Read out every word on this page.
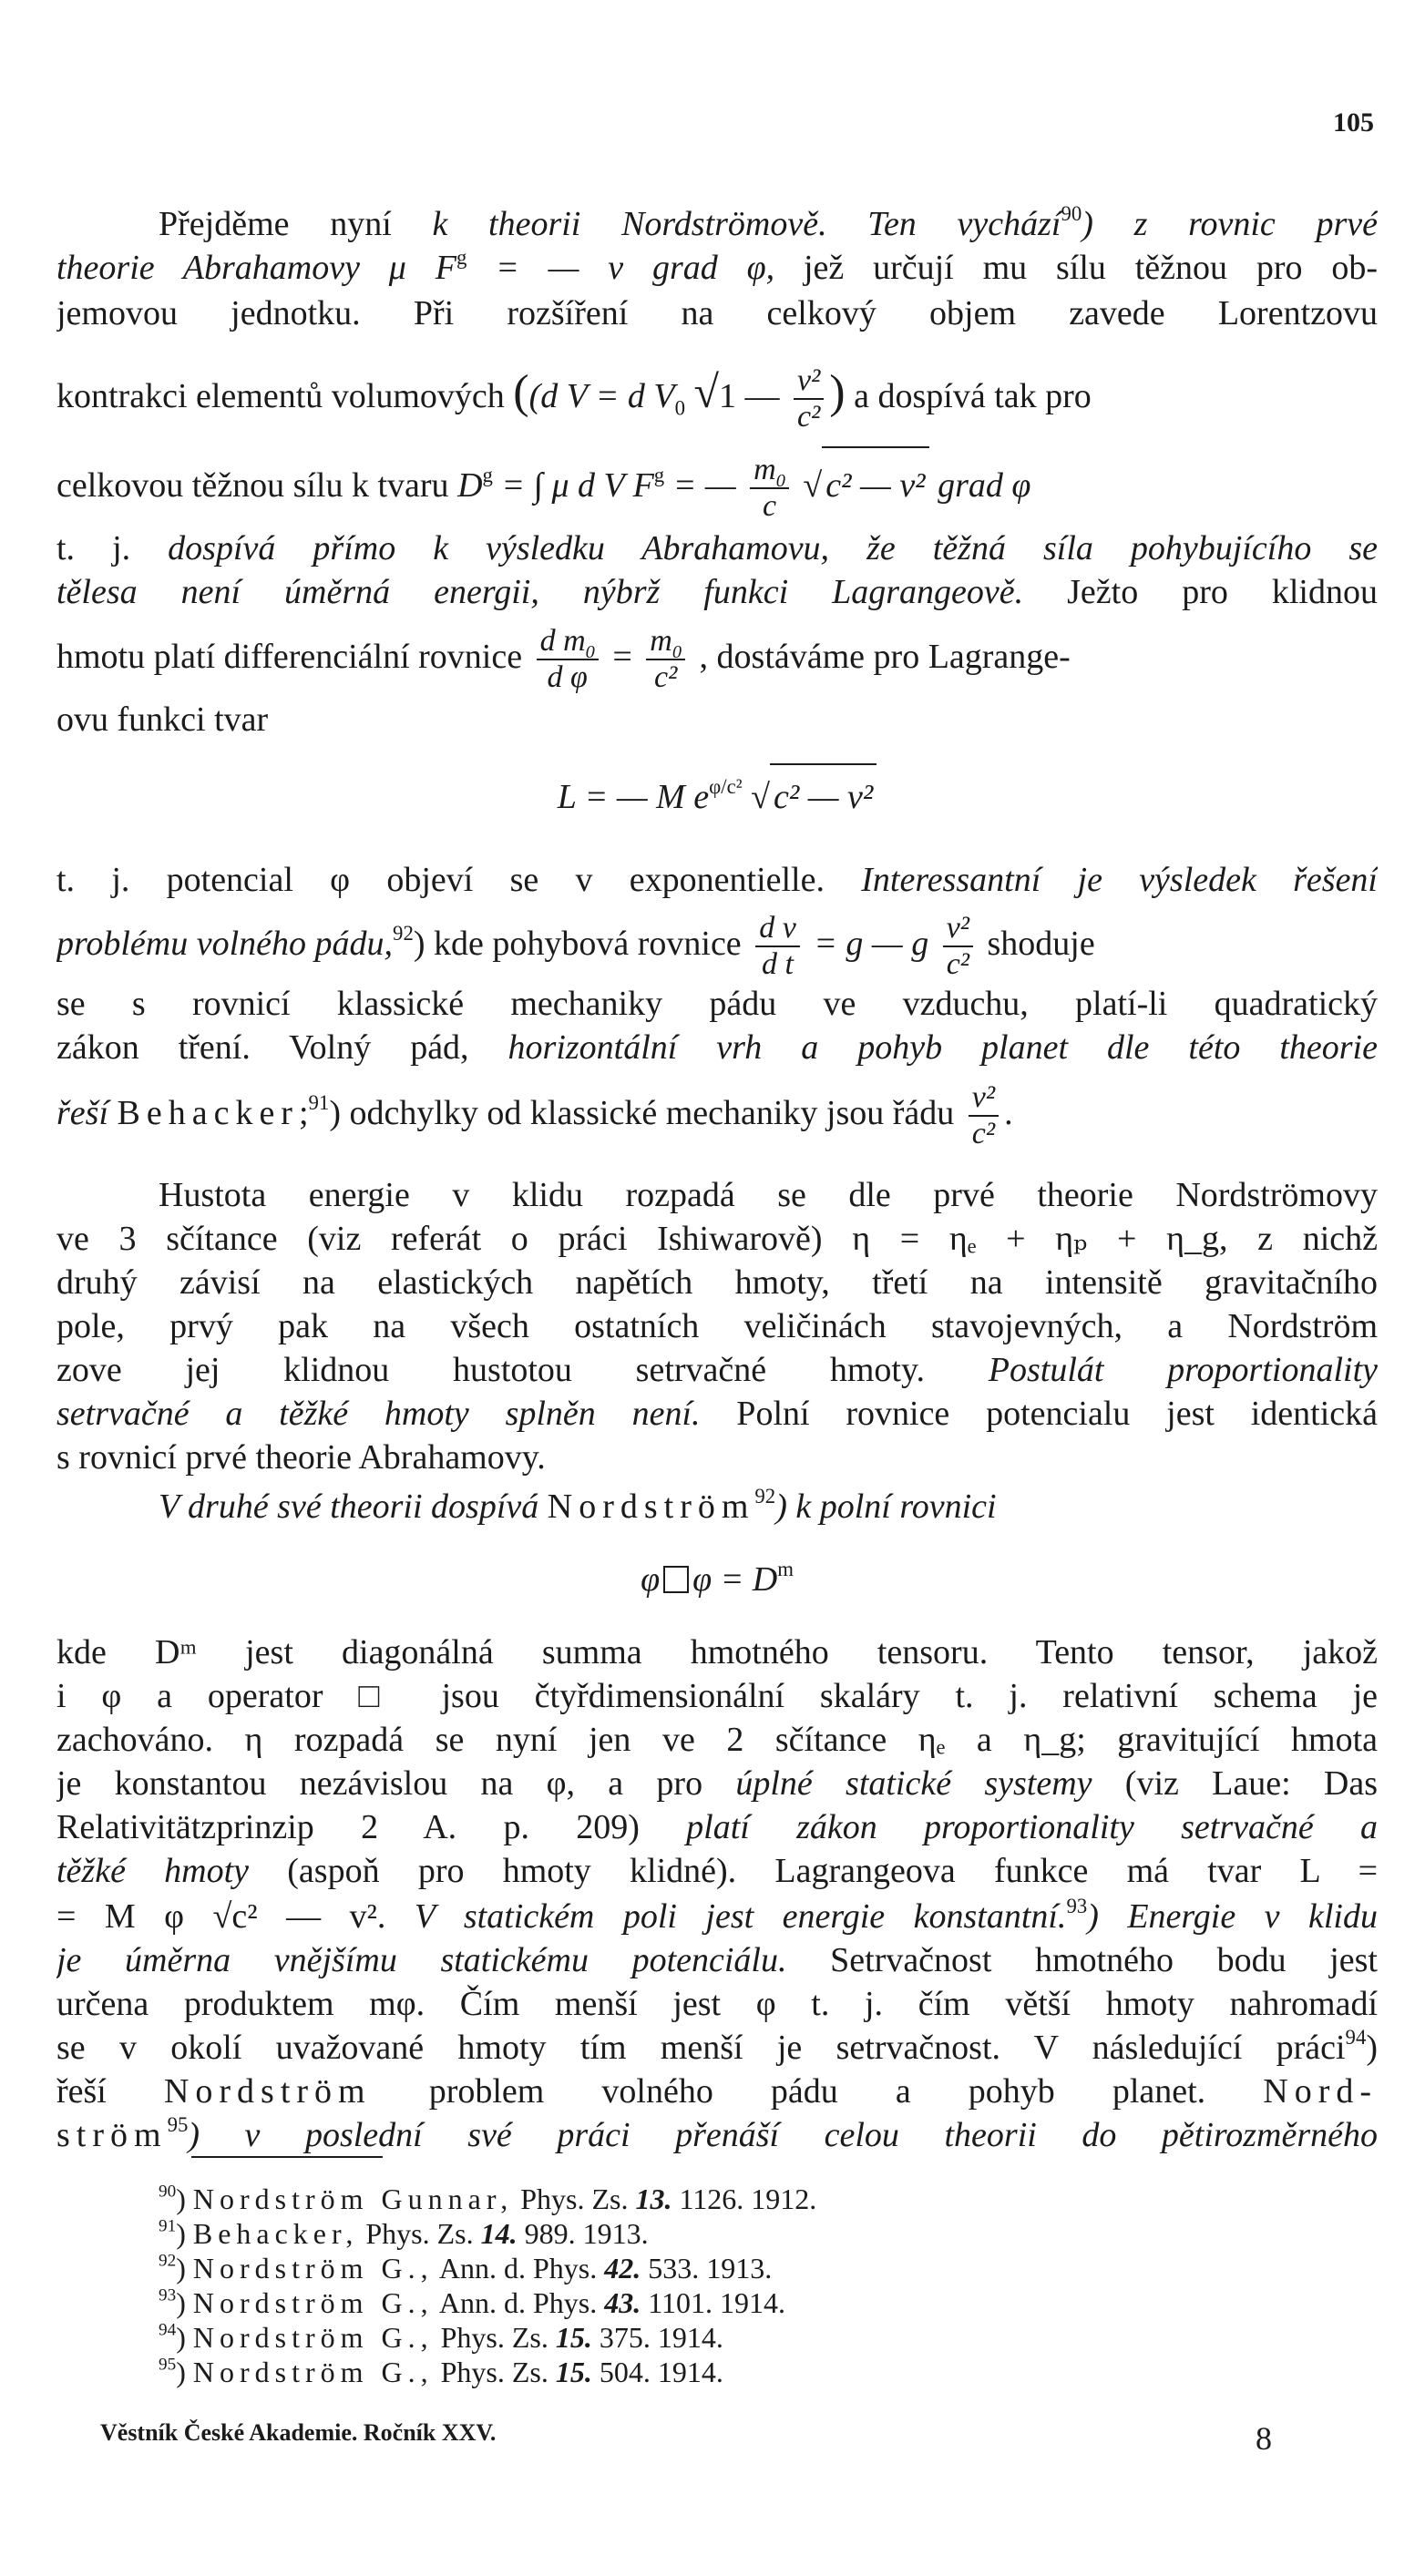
105
Přejděme nyní k theorii Nordströmově. Ten vychází$^{90}$) z rovnic prvé
theorie Abrahamovy μ $F^g$ = — ν grad φ, jež určují mu sílu těžnou pro ob-
jemovou jednotku. Při rozšíření na celkový objem zavede Lorentzovu
kontrakci elementů volumových ((d V = d $V_0$ √1 — $\frac{\text{v²}}{\text{c²}}$ ) a dospívá tak pro
celkovou těžnou sílu k tvaru $D^g$ = ∫ μ d V $F^g$ = — $\frac{m_0}{c}$ √ c² — v² grad φ
t. j. dospívá přímo k výsledku Abrahamovu, že těžná síla pohybujícího se
tělesa není úměrná energii, nýbrž funkci Lagrangeově. Ježto pro klidnou
hmotu platí differenciální rovnice $\frac{d m_0}{\text{d φ}} = \frac{m_0}{\text{c²}}$ , dostáváme pro Lagrange-
ovu funkci tvar
L = — M $e^{\varphi/c^2}$ √ c² — v²
t. j. potencial φ objeví se v exponentielle. Interessantní je výsledek řešení
problému volného pádu,$^{92}$) kde pohybová rovnice $\frac{\text{d v}}{\text{d t}} = g$ — g $\frac{\text{v²}}{\text{c²}}$ shoduje
se s rovnicí klassické mechaniky pádu ve vzduchu, platí-li quadratický
zákon tření. Volný pád, horizontální vrh a pohyb planet dle této theorie
řeší Behacker;$^{91}$) odchylky od klassické mechaniky jsou řádu $\frac{\text{v²}}{\text{c²}}$ .
Hustota energie v klidu rozpadá se dle prvé theorie Nordströmovy
ve 3 sčítance (viz referát o práci Ishiwarově) η = ηₑ + ηₚ + η_g, z nichž
druhý závisí na elastických napětích hmoty, třetí na intensitě gravitačního
pole, prvý pak na všech ostatních veličinách stavojevných, a Nordström
zove jej klidnou hustotou setrvačné hmoty. Postulát proportionality
setrvačné a těžké hmoty splněn není. Polní rovnice potencialu jest identická
s rovnicí prvé theorie Abrahamovy.
V druhé své theorii dospívá Nordström$^{92}$) k polní rovnici
φ $\varphi = D^m$
kde Dᵐ jest diagonálná summa hmotného tensoru. Tento tensor, jakož
i φ a operator □ jsou čtyřdimensionální skaláry t. j. relativní schema je
zachováno. η rozpadá se nyní jen ve 2 sčítance ηₑ a η_g; gravitující hmota
je konstantou nezávislou na φ, a pro úplné statické systemy (viz Laue: Das
Relativitätzprinzip 2 A. p. 209) platí zákon proportionality setrvačné a
těžké hmoty (aspoň pro hmoty klidné). Lagrangeova funkce má tvar L =
= M φ √c² — v². V statickém poli jest energie konstantní.$^{93}$) Energie v klidu
je úměrna vnějšímu statickému potenciálu. Setrvačnost hmotného bodu jest
určena produktem mφ. Čím menší jest φ t. j. čím větší hmoty nahromadí
se v okolí uvažované hmoty tím menší je setrvačnost. V následující práci$^{94}$)
řeší Nordström problem volného pádu a pohyb planet. Nord-
ström$^{95}$) v poslední své práci přenáší celou theorii do pětirozměrného
$^{90}$) Nordström Gunnar, Phys. Zs. 13. 1126. 1912.
$^{91}$) Behacker, Phys. Zs. 14. 989. 1913.
$^{92}$) Nordström G., Ann. d. Phys. 42. 533. 1913.
$^{93}$) Nordström G., Ann. d. Phys. 43. 1101. 1914.
$^{94}$) Nordström G., Phys. Zs. 15. 375. 1914.
$^{95}$) Nordström G., Phys. Zs. 15. 504. 1914.
Věstník České Akademie. Ročník XXV.	8
